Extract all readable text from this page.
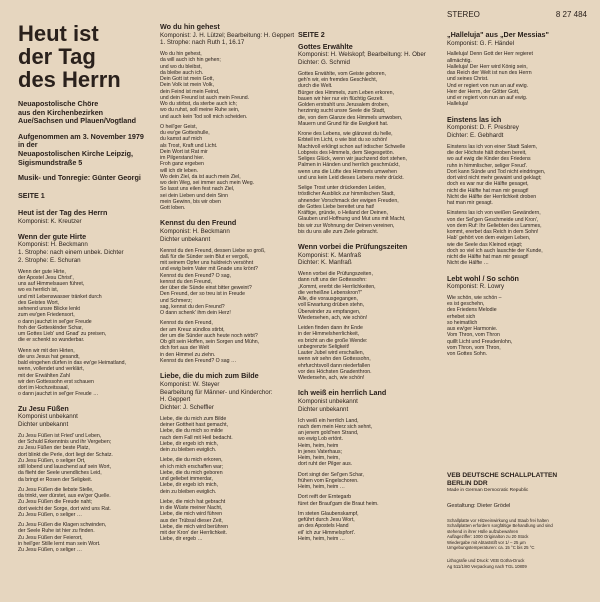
STEREO	8 27 484
Heut ist
der Tag
des Herrn

Neuapostolische Chöre

aus den Kirchenbezirken

Aue/Sachsen und Plauen/Vogtland

Aufgenommen am 3. November 1979

in der

Neuapostolischen Kirche Leipzig,

Sigismundstraße 5

Musik- und Tonregie: Günter Georgi
SEITE 1
Heut ist der Tag des Herrn
Komponist: K. Kreutzer
Wenn der gute Hirte
Komponist: H. Beckmann
1. Strophe: nach einem unbek. Dichter
2. Strophe: E. Schuran
Wenn der gute Hirte,
der Apostel Jesu Christ',
uns auf Himmelsauen führet,
wo es herrlich ist,
und mit Lebenswasser tränket durch
des Geistes Wort,
sehnend unsre Blicke lenkt
zum ew'gen Friedensort,
o dann jauchzt in sel'ger Freude
froh der Gotteskinder Schar,
um Gottes Lieb' und Gnad' zu preisen,
die er schenkt so wunderbar.

Wenn wir mit den Hirten,
die uns Jesus hat gesandt,
bald eingehen dürfen in das ew'ge Heimatland,
wenn, vollendet und verklärt,
mit der Erwählten Zahl
wir den Gottessohn erst schauen
dort im Hochzeitssaal,
o dann jauchzt in sel'ger Freude …
Zu Jesu Füßen
Komponist unbekannt
Dichter unbekannt
Zu Jesu Füßen ist Fried' und Leben,
der Schuld Erkenntnis und ihr Vergeben;
zu Jesu Füßen der beste Platz,
dort blinkt die Perle, dort liegt der Schatz.
Zu Jesu Füßen, o seliger Ort,
still lobend und lauschend auf sein Wort,
da flieht der Seele unendliches Leid,
da bringt er Rosen der Seligkeit.

Zu Jesu Füßen die liebste Stelle,
da trinkt, wer dürstet, aus ew'ger Quelle.
Zu Jesu Füßen die Freude naht;
dort weicht der Sorge, dort wird uns Rat.
Zu Jesu Füßen, o seliger …

Zu Jesu Füßen die Klagen schwinden,
der Seele Ruhe ist hier zu finden.
Zu Jesu Füßen der Feierort,
in heil'ger Stille lernt man sein Wort.
Zu Jesu Füßen, o seliger …
Wo du hin gehest
Komponist: J. H. Lützel; Bearbeitung: H. Geppert
1. Strophe: nach Ruth 1, 16.17
Wo du hin gehest,
da will auch ich hin gehen;
und wo du bleibst,
da bleibe auch ich.
Dein Gott ist mein Gott,
Dein Volk ist mein Volk,
dein Feind ist mein Feind,
und dein Freund ist auch mein Freund.
Wo du stirbst, da sterbe auch ich;
wo du ruhst, soll meine Ruhe sein,
und auch kein Tod soll mich scheiden.

O heil'ger Geist,
du ew'ge Gotteshulle,
du kamst auf mich
als Trost, Kraft und Licht.
Dein Wort ist Rat mir
im Pilgerstand hier.
Froh ganz ergeben
will ich dir leben.
Wo dein Ziel, da ist auch mein Ziel,
wo dein Weg, sei immer auch mein Weg.
So lasst uns eilen fest nach Ziel,
sei dein Lieben und dein Sinn
mein Gewinn, bis wir oben
Gott loben.
Kennst du den Freund
Komponist: H. Beckmann
Dichter unbekannt
Kennst du den Freund, dessen Liebe so groß,
daß für die Sünder sein Blut er vergoß,
mit seinem Opfer uns huldreich versöhnt
und ewig beim Vater mit Gnade uns krönt?
Kennst du den Freund? O sag,
kennst du den Freund,
der über die Sünde einst bitter geweint?
Den Freund, der so treu ist in Freude
und Schmerz;
sag, kennst du den Freund?
O dann schenk' ihm dein Herz!

Kennst du den Freund,
der am Kreuz sündlos stirbt,
der um die Sünder auch heute noch wirbt?
Ob gilt sein Hoffen, sein Sorgen und Mühn,
dich fort aus der Welt
in den Himmel zu ziehn.
Kennst du den Freund? O sag …
Liebe, die du mich zum Bilde
Komponist: W. Steyer
Bearbeitung für Männer- und Kinderchor:
H. Geppert
Dichter: J. Scheffler
Liebe, die du mich zum Bilde
deiner Gottheit hast gemacht,
Liebe, die du mich so milde
nach dem Fall mit Heil bedacht.
Liebe, dir ergeb ich mich,
dein zu bleiben ewiglich.

Liebe, die du mich erkoren,
eh ich mich erschaffen war;
Liebe, die du mich geboren
und geliebet immerdar,
Liebe, dir ergeb ich mich,
dein zu bleiben ewiglich.

Liebe, die mich hat gebracht
in die Wüste meiner Nacht,
Liebe, die mich wird führen
aus der Trübsal dieser Zeit,
Liebe, die mich wird berühren
mit der Kron' der Herrlichkeit.
Liebe, dir ergeb …
SEITE 2
Gottes Erwählte
Komponist: H. Welskopf; Bearbeitung: H. Ober
Dichter: G. Schmid
Gottes Erwählte, vom Geiste geboren,
geh'n wir, ein fremdes Geschlecht,
durch die Welt.
Bürger des Himmels, zum Leben erkoren,
bauen wir hier nur ein flüchtig Gezelt.
Golden erstrahlt uns Jerusalem droben,
herzinnig sucht unsre Seele die Stadt,
die, von dem Glanze des Himmels umwoben,
Mauern und Grund für die Ewigkeit hat.

Krone des Lebens, wie glänzest du helle,
Erbteil im Licht, o wie bist du so schön!
Machtvoll erklingt schon auf irdischer Schwelle
Lobpreis des Himmels, dem Siegesgetön.
Seliges Glück, wenn wir jauchzend dort stehen,
Palmen in Händen und herrlich geschmückt,
wenn uns die Lüfte des Himmels umwehen
und uns kein Leid dieses Lebens mehr drückt.

Selige Trost unter drückenden Leiden,
tröstlicher Ausblick zur himmlischen Stadt,
ahnender Vorschmack der ewigen Freuden,
die Gottes Liebe bereitet uns hat!
Kräftige, gründe, o Heiland der Deinen,
Glauben und Hoffnung und Mut uns mit Macht,
bis wir zur Wohnung der Deinen vereinen,
bis du uns alle zum Ziele gebracht.
Wenn vorbei die Prüfungszeiten
Komponist: K. Manfraß
Dichter: K. Manfraß
Wenn vorbei die Prüfungszeiten,
dann ruft uns der Gottessohn:
„Kommt, ererbt die Herrlichkeiten,
die verheißne Lebenskron'!"
Alle, die vorausgegangen,
voll Erwartung drüben stehn,
Überwinder zu empfangen,
Wiedersehen, ach, wie schön!

Leiden finden dann ihr Ende
in der Himmelsherrlichkeit,
es bricht an die große Wende:
unbegrenzte Seligkeit!
Lauter Jubel wird erschallen,
wenn wir sehn den Gottessohn,
ehrfurchtsvoll dann niederfallen
vor des Höchsten Gnadenthron.
Wiedersehn, ach, wie schön!
Ich weiß ein herrlich Land
Komponist unbekannt
Dichter unbekannt
Ich weiß ein herrlich Land,
nach dem mein Herz sich sehnt,
an jenem gold'nen Strand,
wo ewig Lob ertönt.
Heim, heim, heim
in jenes Vaterhaus;
Heim, heim, heim,
dort ruht der Pilger aus.

Dort singt der Sel'gen Schar,
frühen vom Engelschoren.
Heim, heim, heim …

Dort reift der Erntegarb
füret der Braut'gam die Braut heim.

Im steten Glaubenskampf,
geführt durch Jesu Wort,
an des Apostels Hand
eil' ich zur Himmelspfort'.
Heim, heim, heim …
„Halleluja" aus „Der Messias"
Komponist: G. F. Händel
Halleluja! Denn Gott der Herr regieret
allmächtig.
Halleluja! Der Herr wird König sein,
das Reich der Welt ist nun des Herrn
und seines Christ.
Und er regiert von nun an auf ewig.
Herr der Herrn, der Götter Gott,
und er regiert von nun an auf ewig.
Halleluja!
Einstens las ich
Komponist: D. F. Presbrey
Dichter: E. Gebhardt
Einstens las ich von einer Stadt Salem,
die der Höchste hält droben bereit,
wo auf ewig die Kinder des Friedens
ruhn in himmlischer, seliger Freud'.
Dort kann Sünde und Tod nicht eindringen,
dort wird nicht mehr gewaint und geklagt;
doch es war nur die Hälfte gesaget,
nicht die Hälfte hat man mir gesagt!
Nicht die Hälfte der Herrlichkeit droben
hat man mir gesagt.

Einstens las ich von weißen Gewändern,
von der Sel'gen Geschmeide und Kron',
von dem Ruf: Ihr Geliebten des Lammes,
kommt, ererbet das Reich in dem Sohn!
Hab' gehört von dem ewigen Leben,
wie die Seele das Kleinod erjagt;
doch so viel ich auch lauschte der Kunde,
nicht die Hälfte hat man mir gesagt!
Nicht die Hälfte …
Lebt wohl / So schön
Komponist: R. Lowry
Wie schön, wie schön –
es ist geschehn,
des Friedens Melodie
erhebet sich
so heimatlich
aus ew'ger Harmonie.
Vom Thron, vom Thron
quillt Licht und Freudenlohn,
vom Thron, vom Thron,
von Gottes Sohn.
VEB DEUTSCHE SCHALLPLATTEN
BERLIN DDR
Made in German Democratic Republic
Gestaltung: Dieter Grödel
Schallplatte vor Hitzeeinwirkung und Staub frei halten
Schallplatten erfordern sorgfältige Behandlung und sind
stehend in ihrer Hülle aufzubewahren
Auflageziffer: 1000 Originalton zu 20 Stück
Wiedergabe mit Abtaststift vor 1/ – 25 µm
Umgebungstemperaturen: ca. 15 °C bis 25 °C
Lithografie und Druck: VEB Gotha-Druck
Ag 511/1/80 Verpackung nach TGL 10809
